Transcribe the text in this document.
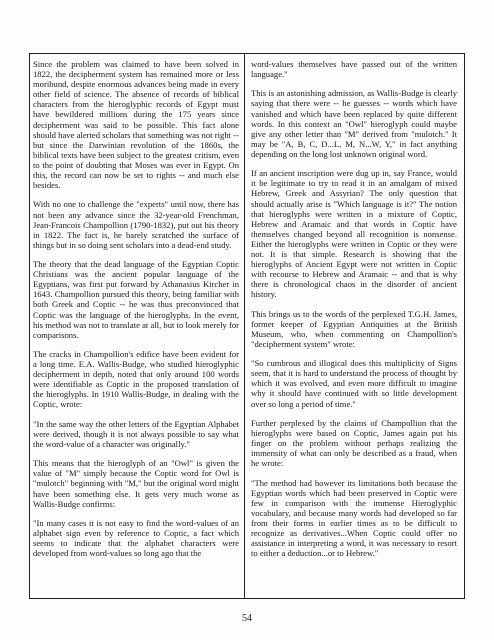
Since the problem was claimed to have been solved in 1822, the decipherment system has remained more or less moribund, despite enormous advances being made in every other field of science. The absence of records of biblical characters from the hieroglyphic records of Egypt must have bewildered millions during the 175 years since decipherment was said to be possible. This fact alone should have alerted scholars that something was not right -- but since the Darwinian revolution of the 1860s, the biblical texts have been subject to the greatest critism, even to the point of doubting that Moses was ever in Egypt. On this, the record can now be set to rights -- and much else besides.

With no one to challenge the "experts" until now, there has not been any advance since the 32-year-old Frenchman, Jean-Francois Champollion (1790-1832), put out his theory in 1822. The fact is, he barely scratched the surface of things but in so doing sent scholars into a dead-end study.

The theory that the dead language of the Egyptian Coptic Christians was the ancient popular language of the Egyptians, was first put forward by Athanasius Kircher in 1643. Champollion pursued this theory, being familiar with both Greek and Coptic -- he was thus preconvinced that Coptic was the language of the hieroglyphs. In the event, his method was not to translate at all, but to look merely for comparisons.

The cracks in Champollion's edifice have been evident for a long time. E.A. Wallis-Budge, who studied hieroglyphic decipherment in depth, noted that only around 100 words were identifiable as Coptic in the proposed translation of the hieroglyphs. In 1910 Wallis-Budge, in dealing with the Coptic, wrote:

"In the same way the other letters of the Egyptian Alphabet were derived, though it is not always possible to say what the word-value of a character was originally."

This means that the hieroglyph of an "Owl" is given the value of "M" simply because the Coptic word for Owl is "mulotch" beginning with "M," but the original word might have been something else. It gets very much worse as Wallis-Budge confirms:

"In many cases it is not easy to find the word-values of an alphabet sign even by reference to Coptic, a fact which seems to indicate that the alphabet characters were developed from word-values so long ago that the

word-values themselves have passed out of the written language."

This is an astonishing admission, as Wallis-Budge is clearly saying that there were -- he guesses -- words which have vanished and which have been replaced by quite different words. In this context an "Owl" hieroglyph could maybe give any other letter than "M" derived from "mulotch." It may be "A, B, C, D...L, M, N...W, Y," in fact anything depending on the long lost unknown original word.

If an ancient inscription were dug up in, say France, would it be legitimate to try to read it in an amalgam of mixed Hebrew, Greek and Assyrian? The only question that should actually arise is "Which language is it?" The notion that hieroglyphs were written in a mixture of Coptic, Hebrew and Aramaic and that words in Coptic have themselves changed beyond all recognition is nonsense. Either the hieroglyphs were written in Coptic or they were not. It is that simple. Research is showing that the hieroglyphs of Ancient Egypt were not written in Coptic with recourse to Hebrew and Aramaic -- and that is why there is chronological chaos in the disorder of ancient history.

This brings us to the words of the perplexed T.G.H. James, former keeper of Egyptian Antiquities at the British Museum, who, when commenting on Champollion's "decipherment system" wrote:

"So cumbrous and illogical does this multiplicity of Signs seem, that it is hard to understand the process of thought by which it was evolved, and even more difficult to imagine why it should have continued with so little development over so long a period of time."

Further perplexed by the claims of Champollion that the hieroglyphs were based on Coptic, James again put his finger on the problem without perhaps realizing the immensity of what can only be described as a fraud, when he wrote:

"The method had however its limitations both because the Egyptian words which had been preserved in Coptic were few in comparison with the immense Hieroglyphic vocabulary, and because many words had developed so far from their forms in earlier times as to be difficult to recognize as derivatives...When Coptic could offer no assistance in interpreting a word, it was necessary to resort to either a deduction...or to Hebrew."

54
